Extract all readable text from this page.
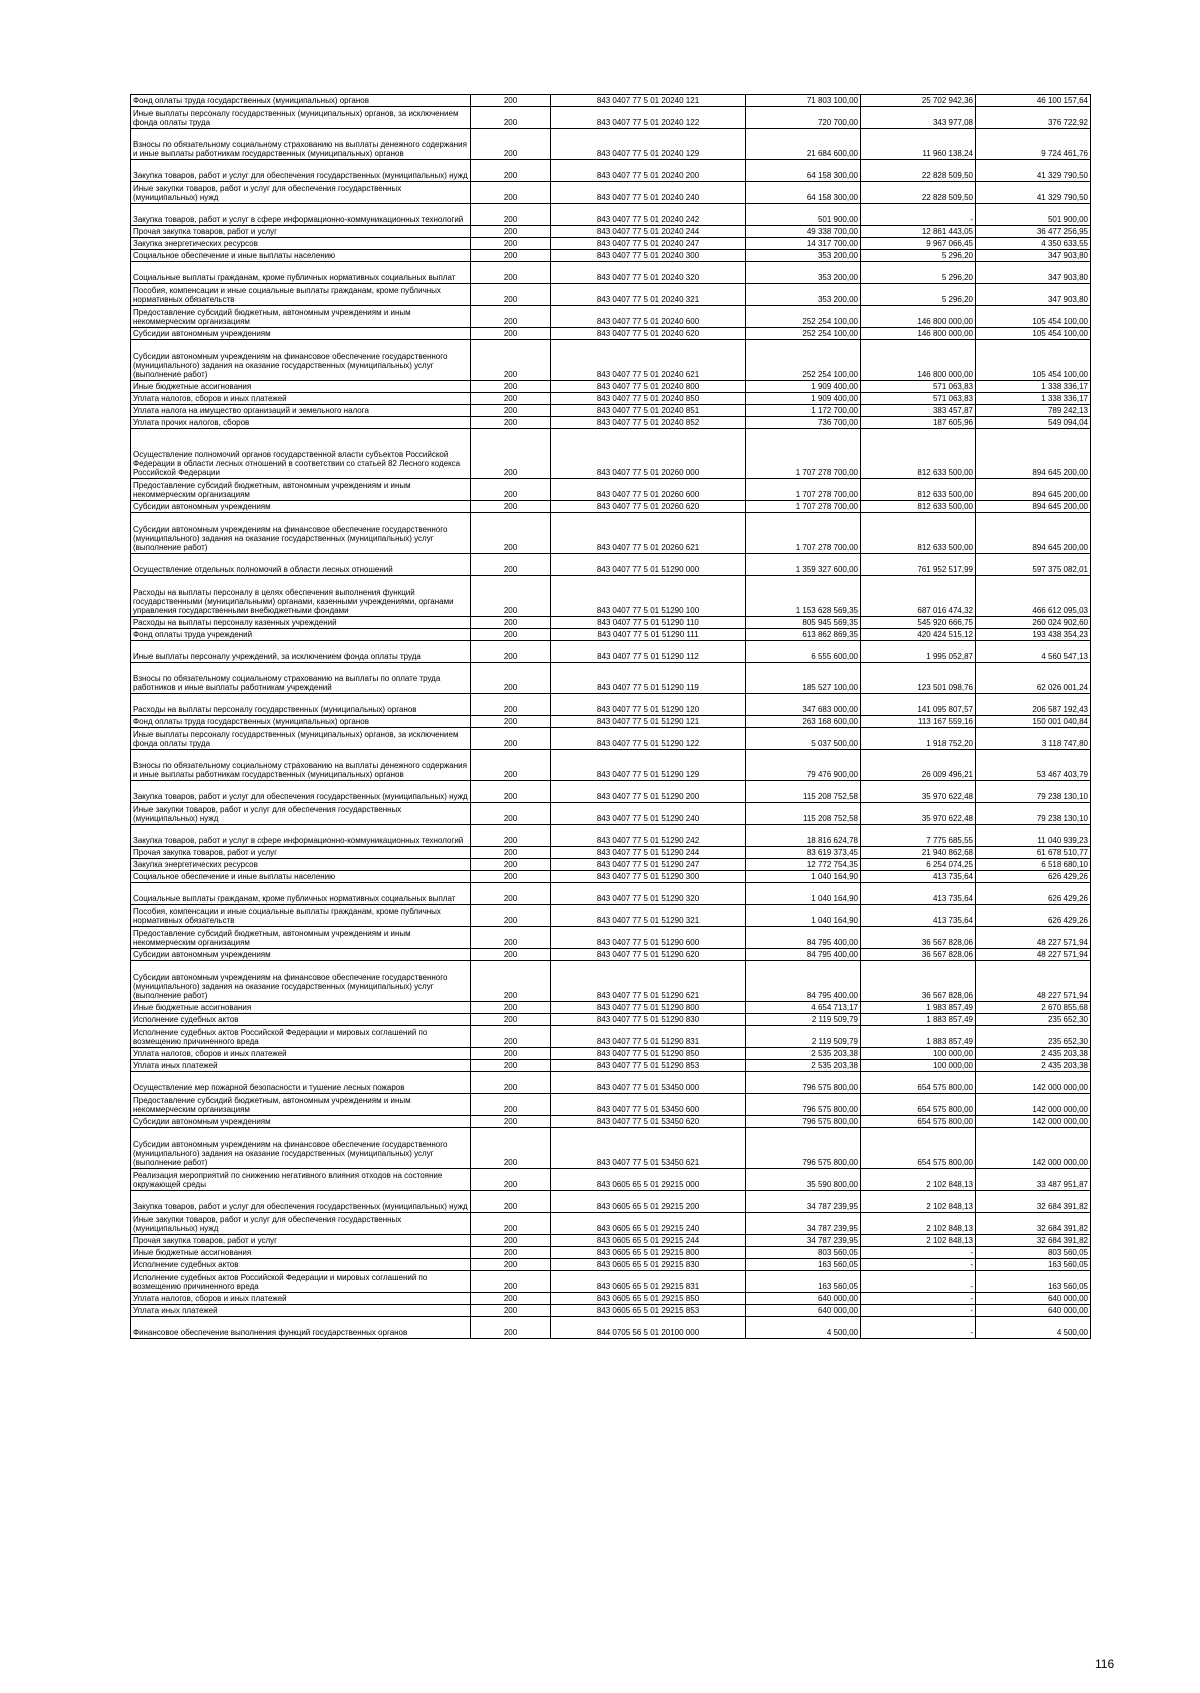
Фонд оплаты труда государственных (муниципальных) органов	200	843 0407 77 5 01 20240 121	71 803 100,00	25 702 942,36	46 100 157,64
Иные выплаты персоналу государственных (муниципальных) органов, за исключением фонда оплаты труда	200	843 0407 77 5 01 20240 122	720 700,00	343 977,08	376 722,92
Взносы по обязательному социальному страхованию на выплаты денежного содержания и иные выплаты работникам государственных (муниципальных) органов	200	843 0407 77 5 01 20240 129	21 684 600,00	11 960 138,24	9 724 461,76
Закупка товаров, работ и услуг для обеспечения государственных (муниципальных) нужд	200	843 0407 77 5 01 20240 200	64 158 300,00	22 828 509,50	41 329 790,50
Иные закупки товаров, работ и услуг для обеспечения государственных (муниципальных) нужд	200	843 0407 77 5 01 20240 240	64 158 300,00	22 828 509,50	41 329 790,50
Закупка товаров, работ и услуг в сфере информационно-коммуникационных технологий	200	843 0407 77 5 01 20240 242	501 900,00	-	501 900,00
Прочая закупка товаров, работ и услуг	200	843 0407 77 5 01 20240 244	49 338 700,00	12 861 443,05	36 477 256,95
Закупка энергетических ресурсов	200	843 0407 77 5 01 20240 247	14 317 700,00	9 967 066,45	4 350 633,55
Социальное обеспечение и иные выплаты населению	200	843 0407 77 5 01 20240 300	353 200,00	5 296,20	347 903,80
Социальные выплаты гражданам, кроме публичных нормативных социальных выплат	200	843 0407 77 5 01 20240 320	353 200,00	5 296,20	347 903,80
Пособия, компенсации и иные социальные выплаты гражданам, кроме публичных нормативных обязательств	200	843 0407 77 5 01 20240 321	353 200,00	5 296,20	347 903,80
Предоставление субсидий бюджетным, автономным учреждениям и иным некоммерческим организациям	200	843 0407 77 5 01 20240 600	252 254 100,00	146 800 000,00	105 454 100,00
Субсидии автономным учреждениям	200	843 0407 77 5 01 20240 620	252 254 100,00	146 800 000,00	105 454 100,00
Субсидии автономным учреждениям на финансовое обеспечение государственного (муниципального) задания на оказание государственных (муниципальных) услуг (выполнение работ)	200	843 0407 77 5 01 20240 621	252 254 100,00	146 800 000,00	105 454 100,00
Иные бюджетные ассигнования	200	843 0407 77 5 01 20240 800	1 909 400,00	571 063,83	1 338 336,17
Уплата налогов, сборов и иных платежей	200	843 0407 77 5 01 20240 850	1 909 400,00	571 063,83	1 338 336,17
Уплата налога на имущество организаций и земельного налога	200	843 0407 77 5 01 20240 851	1 172 700,00	383 457,87	789 242,13
Уплата прочих налогов, сборов	200	843 0407 77 5 01 20240 852	736 700,00	187 605,96	549 094,04
Осуществление полномочий органов государственной власти субъектов Российской Федерации в области лесных отношений в соответствии со статьей 82 Лесного кодекса Российской Федерации	200	843 0407 77 5 01 20260 000	1 707 278 700,00	812 633 500,00	894 645 200,00
Предоставление субсидий бюджетным, автономным учреждениям и иным некоммерческим организациям	200	843 0407 77 5 01 20260 600	1 707 278 700,00	812 633 500,00	894 645 200,00
Субсидии автономным учреждениям	200	843 0407 77 5 01 20260 620	1 707 278 700,00	812 633 500,00	894 645 200,00
Субсидии автономным учреждениям на финансовое обеспечение государственного (муниципального) задания на оказание государственных (муниципальных) услуг (выполнение работ)	200	843 0407 77 5 01 20260 621	1 707 278 700,00	812 633 500,00	894 645 200,00
Осуществление отдельных полномочий в области лесных отношений	200	843 0407 77 5 01 51290 000	1 359 327 600,00	761 952 517,99	597 375 082,01
Расходы на выплаты персоналу в целях обеспечения выполнения функций государственными (муниципальными) органами, казенными учреждениями, органами управления государственными внебюджетными фондами	200	843 0407 77 5 01 51290 100	1 153 628 569,35	687 016 474,32	466 612 095,03
Расходы на выплаты персоналу казенных учреждений	200	843 0407 77 5 01 51290 110	805 945 569,35	545 920 666,75	260 024 902,60
Фонд оплаты труда учреждений	200	843 0407 77 5 01 51290 111	613 862 869,35	420 424 515,12	193 438 354,23
Иные выплаты персоналу учреждений, за исключением фонда оплаты труда	200	843 0407 77 5 01 51290 112	6 555 600,00	1 995 052,87	4 560 547,13
Взносы по обязательному социальному страхованию на выплаты по оплате труда работников и иные выплаты работникам учреждений	200	843 0407 77 5 01 51290 119	185 527 100,00	123 501 098,76	62 026 001,24
Расходы на выплаты персоналу государственных (муниципальных) органов	200	843 0407 77 5 01 51290 120	347 683 000,00	141 095 807,57	206 587 192,43
Фонд оплаты труда государственных (муниципальных) органов	200	843 0407 77 5 01 51290 121	263 168 600,00	113 167 559,16	150 001 040,84
Иные выплаты персоналу государственных (муниципальных) органов, за исключением фонда оплаты труда	200	843 0407 77 5 01 51290 122	5 037 500,00	1 918 752,20	3 118 747,80
Взносы по обязательному социальному страхованию на выплаты денежного содержания и иные выплаты работникам государственных (муниципальных) органов	200	843 0407 77 5 01 51290 129	79 476 900,00	26 009 496,21	53 467 403,79
Закупка товаров, работ и услуг для обеспечения государственных (муниципальных) нужд	200	843 0407 77 5 01 51290 200	115 208 752,58	35 970 622,48	79 238 130,10
Иные закупки товаров, работ и услуг для обеспечения государственных (муниципальных) нужд	200	843 0407 77 5 01 51290 240	115 208 752,58	35 970 622,48	79 238 130,10
Закупка товаров, работ и услуг в сфере информационно-коммуникационных технологий	200	843 0407 77 5 01 51290 242	18 816 624,78	7 775 685,55	11 040 939,23
Прочая закупка товаров, работ и услуг	200	843 0407 77 5 01 51290 244	83 619 373,45	21 940 862,68	61 678 510,77
Закупка энергетических ресурсов	200	843 0407 77 5 01 51290 247	12 772 754,35	6 254 074,25	6 518 680,10
Социальное обеспечение и иные выплаты населению	200	843 0407 77 5 01 51290 300	1 040 164,90	413 735,64	626 429,26
Социальные выплаты гражданам, кроме публичных нормативных социальных выплат	200	843 0407 77 5 01 51290 320	1 040 164,90	413 735,64	626 429,26
Пособия, компенсации и иные социальные выплаты гражданам, кроме публичных нормативных обязательств	200	843 0407 77 5 01 51290 321	1 040 164,90	413 735,64	626 429,26
Предоставление субсидий бюджетным, автономным учреждениям и иным некоммерческим организациям	200	843 0407 77 5 01 51290 600	84 795 400,00	36 567 828,06	48 227 571,94
Субсидии автономным учреждениям	200	843 0407 77 5 01 51290 620	84 795 400,00	36 567 828,06	48 227 571,94
Субсидии автономным учреждениям на финансовое обеспечение государственного (муниципального) задания на оказание государственных (муниципальных) услуг (выполнение работ)	200	843 0407 77 5 01 51290 621	84 795 400,00	36 567 828,06	48 227 571,94
Иные бюджетные ассигнования	200	843 0407 77 5 01 51290 800	4 654 713,17	1 983 857,49	2 670 855,68
Исполнение судебных актов	200	843 0407 77 5 01 51290 830	2 119 509,79	1 883 857,49	235 652,30
Исполнение судебных актов Российской Федерации и мировых соглашений по возмещению причиненного вреда	200	843 0407 77 5 01 51290 831	2 119 509,79	1 883 857,49	235 652,30
Уплата налогов, сборов и иных платежей	200	843 0407 77 5 01 51290 850	2 535 203,38	100 000,00	2 435 203,38
Уплата иных платежей	200	843 0407 77 5 01 51290 853	2 535 203,38	100 000,00	2 435 203,38
Осуществление мер пожарной безопасности и тушение лесных пожаров	200	843 0407 77 5 01 53450 000	796 575 800,00	654 575 800,00	142 000 000,00
Предоставление субсидий бюджетным, автономным учреждениям и иным некоммерческим организациям	200	843 0407 77 5 01 53450 600	796 575 800,00	654 575 800,00	142 000 000,00
Субсидии автономным учреждениям	200	843 0407 77 5 01 53450 620	796 575 800,00	654 575 800,00	142 000 000,00
Субсидии автономным учреждениям на финансовое обеспечение государственного (муниципального) задания на оказание государственных (муниципальных) услуг (выполнение работ)	200	843 0407 77 5 01 53450 621	796 575 800,00	654 575 800,00	142 000 000,00
Реализация мероприятий по снижению негативного влияния отходов на состояние окружающей среды	200	843 0605 65 5 01 29215 000	35 590 800,00	2 102 848,13	33 487 951,87
Закупка товаров, работ и услуг для обеспечения государственных (муниципальных) нужд	200	843 0605 65 5 01 29215 200	34 787 239,95	2 102 848,13	32 684 391,82
Иные закупки товаров, работ и услуг для обеспечения государственных (муниципальных) нужд	200	843 0605 65 5 01 29215 240	34 787 239,95	2 102 848,13	32 684 391,82
Прочая закупка товаров, работ и услуг	200	843 0605 65 5 01 29215 244	34 787 239,95	2 102 848,13	32 684 391,82
Иные бюджетные ассигнования	200	843 0605 65 5 01 29215 800	803 560,05	-	803 560,05
Исполнение судебных актов	200	843 0605 65 5 01 29215 830	163 560,05	-	163 560,05
Исполнение судебных актов Российской Федерации и мировых соглашений по возмещению причиненного вреда	200	843 0605 65 5 01 29215 831	163 560,05	-	163 560,05
Уплата налогов, сборов и иных платежей	200	843 0605 65 5 01 29215 850	640 000,00	-	640 000,00
Уплата иных платежей	200	843 0605 65 5 01 29215 853	640 000,00	-	640 000,00
Финансовое обеспечение выполнения функций государственных органов	200	844 0705 56 5 01 20100 000	4 500,00	-	4 500,00
116
